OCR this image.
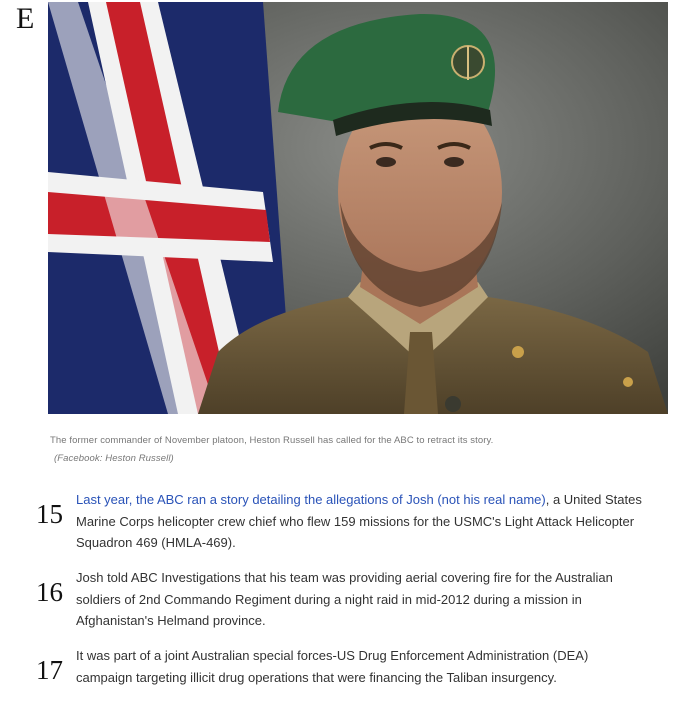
E
The former commander of November platoon, Heston Russell has called for the ABC to retract its story.
(Facebook: Heston Russell)
15	Last year, the ABC ran a story detailing the allegations of Josh (not his real name), a United States Marine Corps helicopter crew chief who flew 159 missions for the USMC's Light Attack Helicopter Squadron 469 (HMLA-469).
16	Josh told ABC Investigations that his team was providing aerial covering fire for the Australian soldiers of 2nd Commando Regiment during a night raid in mid-2012 during a mission in Afghanistan's Helmand province.
17	It was part of a joint Australian special forces-US Drug Enforcement Administration (DEA) campaign targeting illicit drug operations that were financing the Taliban insurgency.
